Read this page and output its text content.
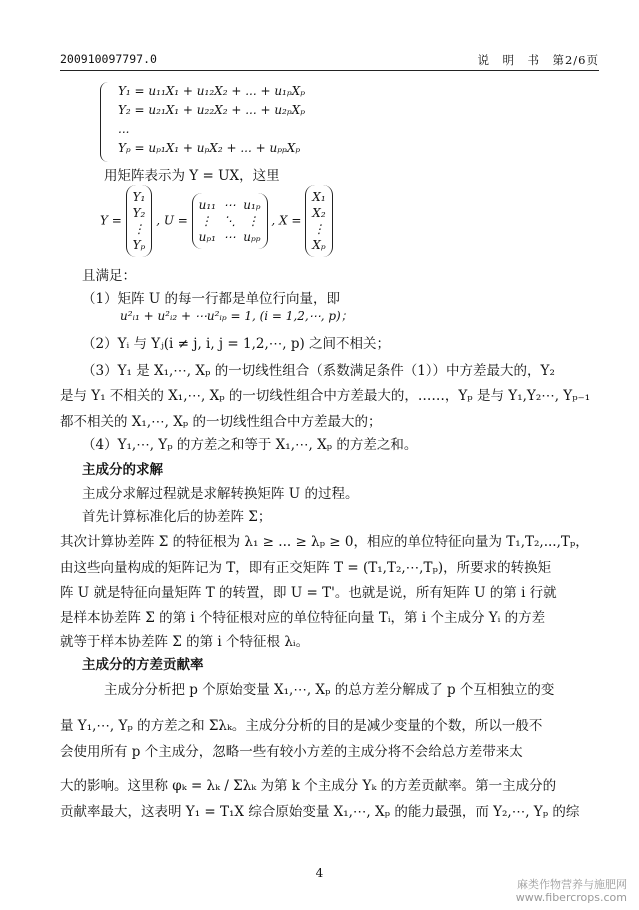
200910097797.0	说　明　书　第2/6页
Y₁ = u₁₁X₁ + u₁₂X₂ + ... + u₁ₚXₚ
Y₂ = u₂₁X₁ + u₂₂X₂ + ... + u₂ₚXₚ
...
Yₚ = uₚ₁X₁ + uₚX₂ + ... + uₚₚXₚ
用矩阵表示为 Y = UX，这里
Y = Y₁
Y₂
⋮
Yₚ , U = u₁₁  ⋯  u₁ₚ
⋮   ⋱   ⋮
uₚ₁  ⋯  uₚₚ , X = X₁
X₂
⋮
Xₚ
且满足：
（1）矩阵 U 的每一行都是单位行向量，即
u²ᵢ₁ + u²ᵢ₂ + ⋯u²ᵢₚ = 1, (i = 1,2,⋯, p)；
（2）Yᵢ 与 Yⱼ(i ≠ j, i, j = 1,2,⋯, p) 之间不相关；
（3）Y₁ 是 X₁,⋯, Xₚ 的一切线性组合（系数满足条件（1））中方差最大的，Y₂
是与 Y₁ 不相关的 X₁,⋯, Xₚ 的一切线性组合中方差最大的，……，Yₚ 是与 Y₁,Y₂⋯, Yₚ₋₁
都不相关的 X₁,⋯, Xₚ 的一切线性组合中方差最大的；
（4）Y₁,⋯, Yₚ 的方差之和等于 X₁,⋯, Xₚ 的方差之和。
主成分的求解
主成分求解过程就是求解转换矩阵 U 的过程。
首先计算标准化后的协差阵 Σ；
其次计算协差阵 Σ 的特征根为 λ₁ ≥ ... ≥ λₚ ≥ 0，相应的单位特征向量为 T₁,T₂,...,Tₚ，
由这些向量构成的矩阵记为 T，即有正交矩阵 T = (T₁,T₂,⋯,Tₚ)，所要求的转换矩
阵 U 就是特征向量矩阵 T 的转置，即 U = T'。也就是说，所有矩阵 U 的第 i 行就
是样本协差阵 Σ 的第 i 个特征根对应的单位特征向量 Tᵢ，第 i 个主成分 Yᵢ 的方差
就等于样本协差阵 Σ 的第 i 个特征根 λᵢ。
主成分的方差贡献率
主成分分析把 p 个原始变量 X₁,⋯, Xₚ 的总方差分解成了 p 个互相独立的变
量 Y₁,⋯, Yₚ 的方差之和 Σλₖ。主成分分析的目的是减少变量的个数，所以一般不
会使用所有 p 个主成分，忽略一些有较小方差的主成分将不会给总方差带来太
大的影响。这里称 φₖ = λₖ / Σλₖ 为第 k 个主成分 Yₖ 的方差贡献率。第一主成分的
贡献率最大，这表明 Y₁ = T₁X 综合原始变量 X₁,⋯, Xₚ 的能力最强，而 Y₂,⋯, Yₚ 的综
4
麻类作物营养与施肥网
www.fibercrops.com
